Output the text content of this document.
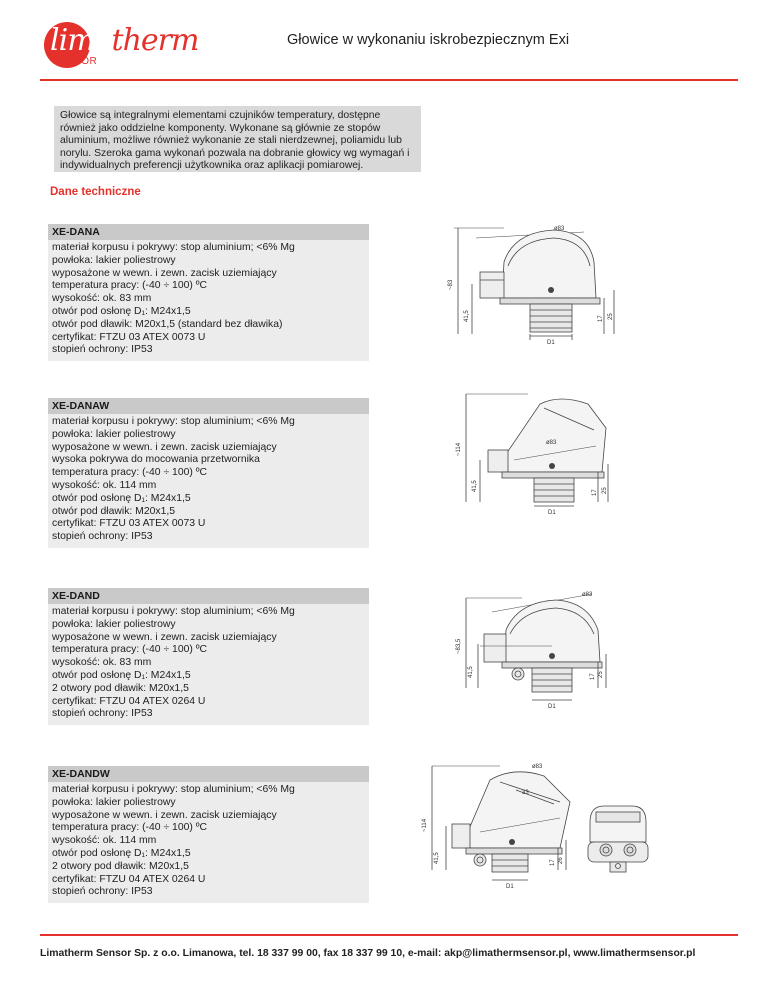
limatherm
SENSOR
Głowice w wykonaniu iskrobezpiecznym Exi
Głowice są integralnymi elementami czujników temperatury, dostępne również jako oddzielne komponenty. Wykonane są głównie ze stopów aluminium, możliwe również wykonanie ze stali nierdzewnej, poliamidu lub norylu. Szeroka gama wykonań pozwala na dobranie głowicy wg wymagań i indywidualnych preferencji użytkownika oraz aplikacji pomiarowej.
Dane techniczne
XE-DANA
materiał korpusu i pokrywy: stop aluminium; <6% Mg
powłoka: lakier poliestrowy
wyposażone w wewn. i zewn. zacisk uziemiający
temperatura pracy: (-40 ÷ 100) ºC
wysokość: ok. 83 mm
otwór pod osłonę D₁: M24x1,5
otwór pod dławik: M20x1,5 (standard bez dławika)
certyfikat: FTZU 03 ATEX 0073 U
stopień ochrony: IP53
XE-DANAW
materiał korpusu i pokrywy: stop aluminium; <6% Mg
powłoka: lakier poliestrowy
wyposażone w wewn. i zewn. zacisk uziemiający
wysoka pokrywa do mocowania przetwornika
temperatura pracy: (-40 ÷ 100) ºC
wysokość: ok. 114 mm
otwór pod osłonę D₁: M24x1,5
otwór pod dławik: M20x1,5
certyfikat: FTZU 03 ATEX 0073 U
stopień ochrony: IP53
XE-DAND
materiał korpusu i pokrywy: stop aluminium; <6% Mg
powłoka: lakier poliestrowy
wyposażone w wewn. i zewn. zacisk uziemiający
temperatura pracy: (-40 ÷ 100) ºC
wysokość: ok. 83 mm
otwór pod osłonę D₁: M24x1,5
2 otwory pod dławik: M20x1,5
certyfikat: FTZU 04 ATEX 0264 U
stopień ochrony: IP53
XE-DANDW
materiał korpusu i pokrywy: stop aluminium; <6% Mg
powłoka: lakier poliestrowy
wyposażone w wewn. i zewn. zacisk uziemiający
temperatura pracy: (-40 ÷ 100) ºC
wysokość: ok. 114 mm
otwór pod osłonę D₁: M24x1,5
2 otwory pod dławik: M20x1,5
certyfikat: FTZU 04 ATEX 0264 U
stopień ochrony: IP53
ø83
~83
41,5	17 25
D1
ø83
~114
41,5
17 25
D1
ø83
~83,5
41,5	17 25
D1
ø83
33
~114
41,5	17 26
D1
Limatherm Sensor Sp. z o.o. Limanowa, tel. 18 337 99 00, fax 18 337 99 10, e-mail: akp@limathermsensor.pl, www.limathermsensor.pl
